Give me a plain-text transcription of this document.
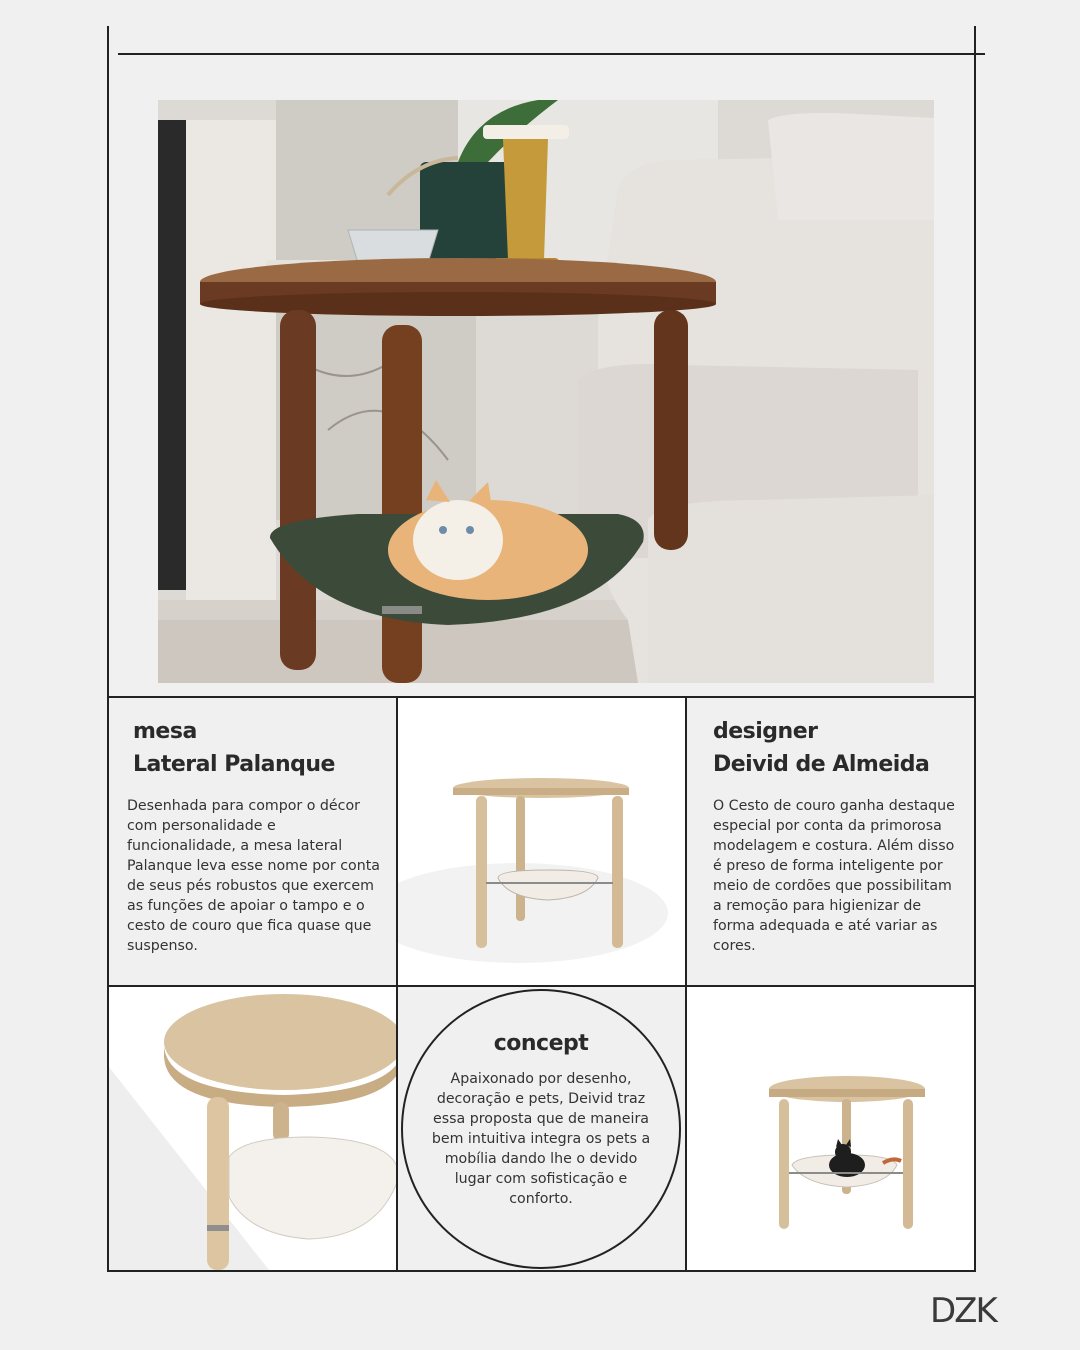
mesa
Lateral Palanque
Desenhada para compor o décor com personalidade e funcionalidade, a mesa lateral Palanque leva esse nome por conta de seus pés robustos que exercem as funções de apoiar o tampo e o cesto de couro que fica quase que suspenso.
designer
Deivid de Almeida
O Cesto de couro ganha destaque especial por conta da primorosa modelagem e costura. Além disso é preso de forma inteligente por meio de cordões que possibilitam a remoção para higienizar de forma adequada e até variar as cores.
concept
Apaixonado por desenho, decoração e pets, Deivid traz essa proposta que de maneira bem intuitiva integra os pets a mobília dando lhe o devido lugar com sofisticação e conforto.
DZK
